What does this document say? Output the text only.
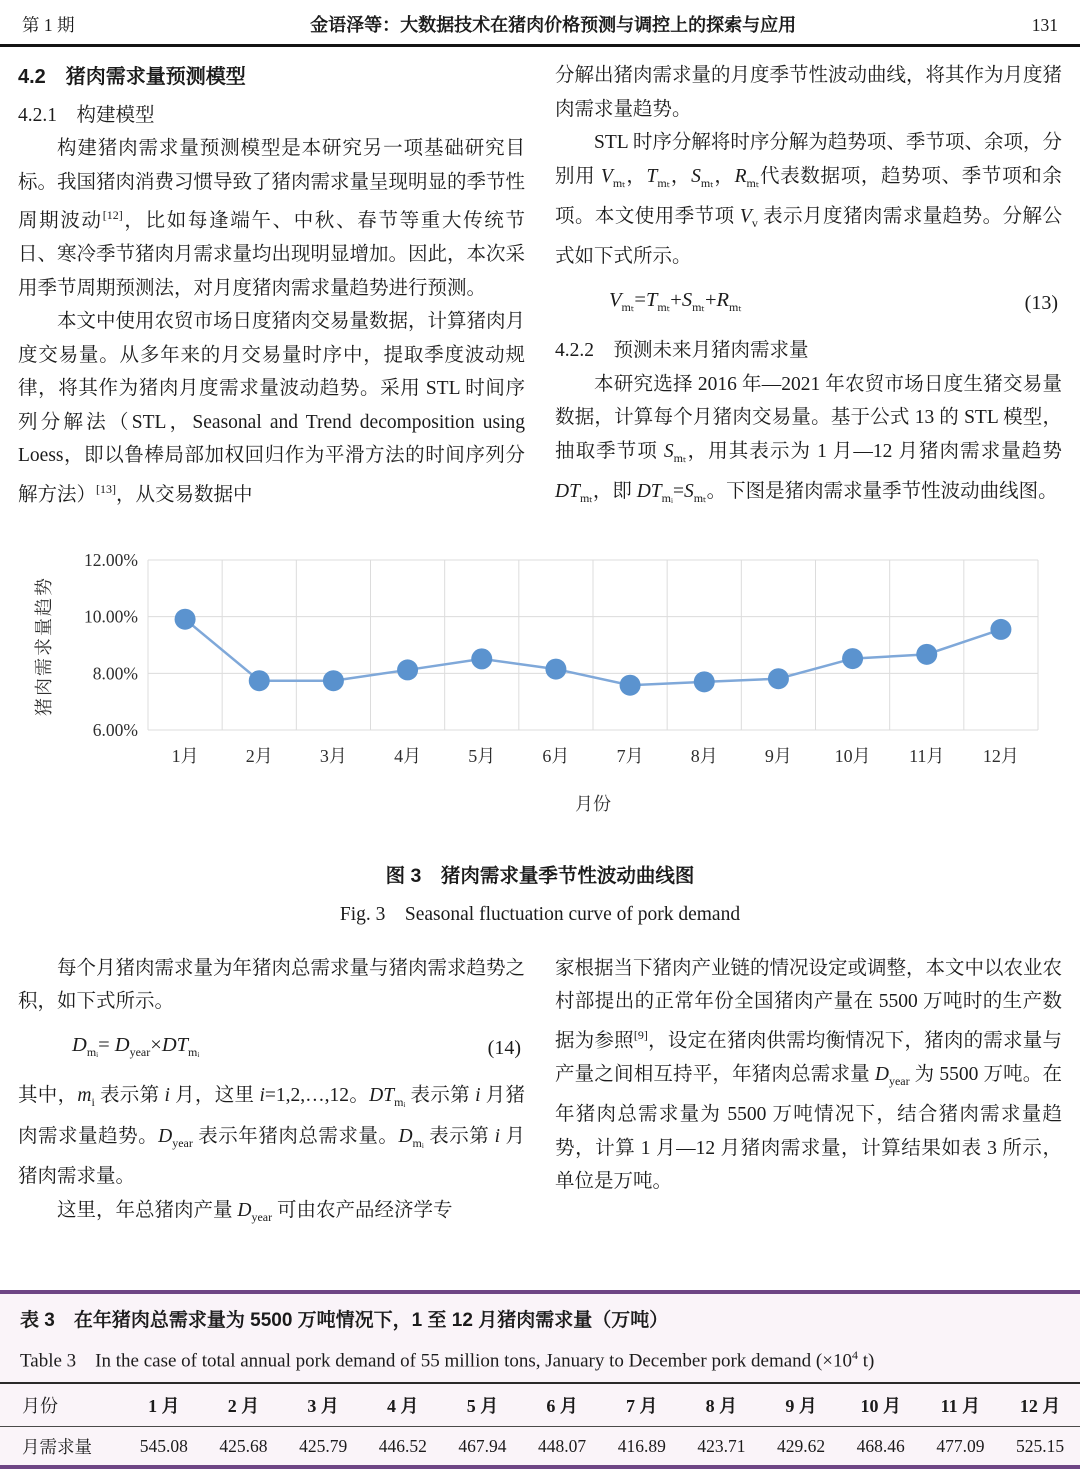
第 1 期	金语泽等：大数据技术在猪肉价格预测与调控上的探索与应用	131
4.2　猪肉需求量预测模型
4.2.1　构建模型

构建猪肉需求量预测模型是本研究另一项基础研究目标。我国猪肉消费习惯导致了猪肉需求量呈现明显的季节性周期波动[12]，比如每逢端午、中秋、春节等重大传统节日、寒冷季节猪肉月需求量均出现明显增加。因此，本次采用季节周期预测法，对月度猪肉需求量趋势进行预测。

本文中使用农贸市场日度猪肉交易量数据，计算猪肉月度交易量。从多年来的月交易量时序中，提取季度波动规律，将其作为猪肉月度需求量波动趋势。采用 STL 时间序列分解法（STL，Seasonal and Trend decomposition using Loess，即以鲁棒局部加权回归作为平滑方法的时间序列分解方法）[13]，从交易数据中

分解出猪肉需求量的月度季节性波动曲线，将其作为月度猪肉需求量趋势。

STL 时序分解将时序分解为趋势项、季节项、余项，分别用 $V_{m_t}$，$T_{m_t}$，$S_{m_t}$，$R_{m_t}$代表数据项，趋势项、季节项和余项。本文使用季节项 $V_v$ 表示月度猪肉需求量趋势。分解公式如下式所示。

$V_{m_t}=T_{m_t}+S_{m_t}+R_{m_t}$	(13)
4.2.2　预测未来月猪肉需求量

本研究选择 2016 年—2021 年农贸市场日度生猪交易量数据，计算每个月猪肉交易量。基于公式 13 的 STL 模型，抽取季节项 $S_{m_t}$，用其表示为 1 月—12 月猪肉需求量趋势 $DT_{m_t}$，即 $DT_{mᵢ}=S_{m_t}$。下图是猪肉需求量季节性波动曲线图。

12.00%
10.00%
8.00%
6.00%
1月	2月	3月	4月	5月	6月	7月	8月	9月 10月 11月 12月
月份
猪肉需求量趋势
图 3　猪肉需求量季节性波动曲线图
Fig. 3　Seasonal fluctuation curve of pork demand

每个月猪肉需求量为年猪肉总需求量与猪肉需求趋势之积，如下式所示。

$D_{mᵢ}= D_{year}\times DT_{mᵢ}$	(14)

其中，$m_i$ 表示第 i 月，这里 i=1,2,…,12。$DT_{mᵢ}$ 表示第 i 月猪肉需求量趋势。$D_{year}$ 表示年猪肉总需求量。$D_{mᵢ}$ 表示第 i 月猪肉需求量。

这里，年总猪肉产量 $D_{year}$ 可由农产品经济学专

家根据当下猪肉产业链的情况设定或调整，本文中以农业农村部提出的正常年份全国猪肉产量在 5500 万吨时的生产数据为参照[9]，设定在猪肉供需均衡情况下，猪肉的需求量与产量之间相互持平，年猪肉总需求量 $D_{year}$ 为 5500 万吨。在年猪肉总需求量为 5500 万吨情况下，结合猪肉需求量趋势，计算 1 月—12 月猪肉需求量，计算结果如表 3 所示，单位是万吨。

表 3　在年猪肉总需求量为 5500 万吨情况下，1 至 12 月猪肉需求量（万吨）
Table 3　In the case of total annual pork demand of 55 million tons, January to December pork demand ($\times 10^4$ t)
月份	1 月	2 月	3 月	4 月	5 月	6 月	7 月	8 月	9 月	10 月	11 月	12 月
月需求量	545.08	425.68	425.79	446.52	467.94	448.07	416.89	423.71	429.62	468.46	477.09	525.15
